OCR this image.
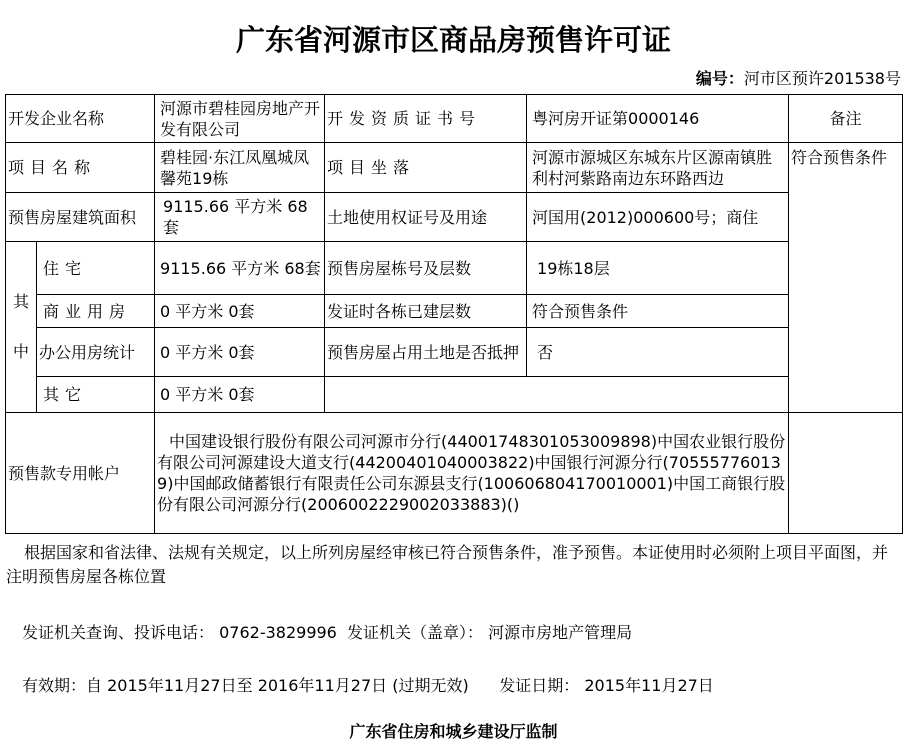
广东省河源市区商品房预售许可证
编号：河市区预许201538号
开发企业名称		河源市碧桂园房地产开发有限公司	开发资质证书号	粤河房开证第0000146	备注
项目名称		碧桂园·东江凤凰城凤馨苑19栋	项目坐落	河源市源城区东城东片区源南镇胜利村河紫路南边东环路西边	符合预售条件
预售房屋建筑面积		9115.66 平方米 68套	土地使用权证号及用途	河国用(2012)000600号；商住	

其中	住宅	9115.66 平方米 68套	预售房屋栋号及层数	19栋18层	
	商业用房	0 平方米 0套	发证时各栋已建层数	符合预售条件	
	办公用房统计	0 平方米 0套	预售房屋占用土地是否抵押	否	
	其它	0 平方米 0套			
预售款专用帐户		中国建设银行股份有限公司河源市分行(44001748301053009898)中国农业银行股份有限公司河源建设大道支行(44200401040003822)中国银行河源分行(705557760139)中国邮政储蓄银行有限责任公司东源县支行(100606804170010001)中国工商银行股份有限公司河源分行(2006002229002033883)()			
根据国家和省法律、法规有关规定，以上所列房屋经审核已符合预售条件，准予预售。本证使用时必须附上项目平面图，并注明预售房屋各栋位置
发证机关查询、投诉电话： 0762-3829996 发证机关（盖章）： 河源市房地产管理局
有效期：自 2015年11月27日至 2016年11月27日 (过期无效) 发证日期： 2015年11月27日
广东省住房和城乡建设厅监制
